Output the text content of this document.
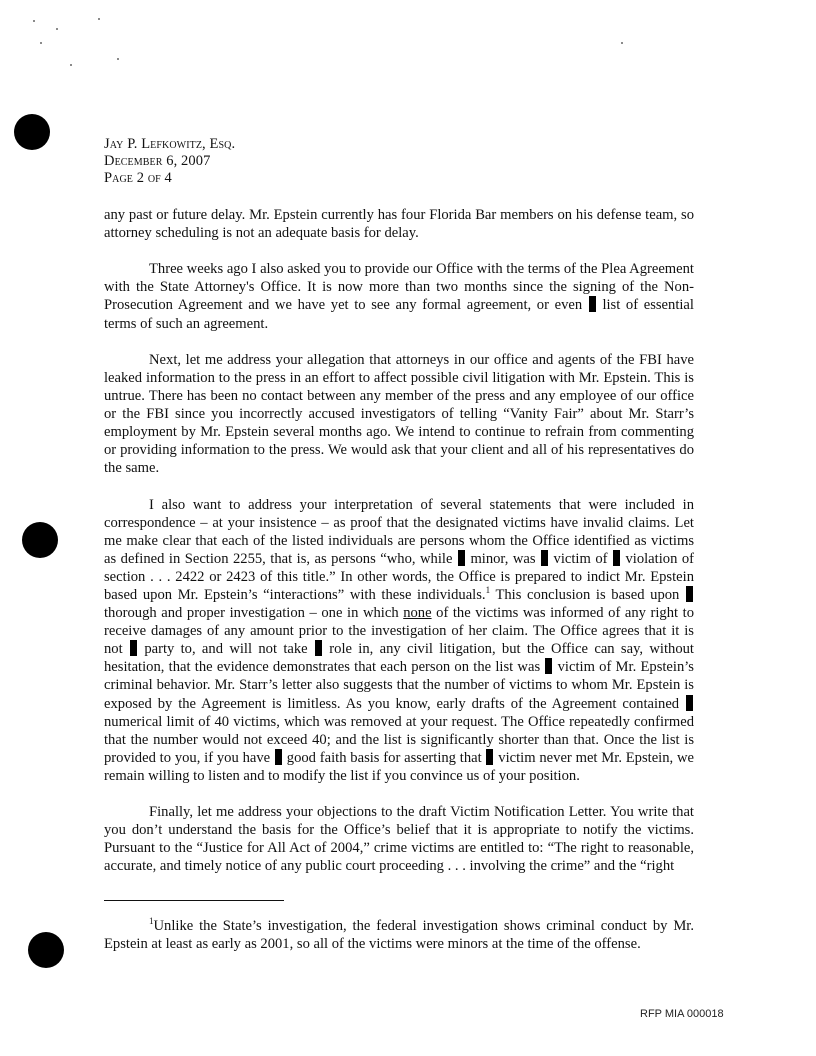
Jay P. Lefkowitz, Esq.
December 6, 2007
Page 2 of 4

any past or future delay. Mr. Epstein currently has four Florida Bar members on his defense team, so attorney scheduling is not an adequate basis for delay.

Three weeks ago I also asked you to provide our Office with the terms of the Plea Agreement with the State Attorney's Office. It is now more than two months since the signing of the Non-Prosecution Agreement and we have yet to see any formal agreement, or even list of essential terms of such an agreement.

Next, let me address your allegation that attorneys in our office and agents of the FBI have leaked information to the press in an effort to affect possible civil litigation with Mr. Epstein. This is untrue. There has been no contact between any member of the press and any employee of our office or the FBI since you incorrectly accused investigators of telling “Vanity Fair” about Mr. Starr’s employment by Mr. Epstein several months ago. We intend to continue to refrain from commenting or providing information to the press. We would ask that your client and all of his representatives do the same.

I also want to address your interpretation of several statements that were included in correspondence – at your insistence – as proof that the designated victims have invalid claims. Let me make clear that each of the listed individuals are persons whom the Office identified as victims as defined in Section 2255, that is, as persons “who, while minor, was victim of violation of section . . . 2422 or 2423 of this title.” In other words, the Office is prepared to indict Mr. Epstein based upon Mr. Epstein’s “interactions” with these individuals.$^1$ This conclusion is based upon  thorough and proper investigation – one in which none of the victims was informed of any right to receive damages of any amount prior to the investigation of her claim. The Office agrees that it is not party to, and will not take role in, any civil litigation, but the Office can say, without hesitation, that the evidence demonstrates that each person on the list was victim of Mr. Epstein’s criminal behavior. Mr. Starr’s letter also suggests that the number of victims to whom Mr. Epstein is exposed by the Agreement is limitless. As you know, early drafts of the Agreement contained  numerical limit of 40 victims, which was removed at your request. The Office repeatedly confirmed that the number would not exceed 40; and the list is significantly shorter than that. Once the list is provided to you, if you have good faith basis for asserting that victim never met Mr. Epstein, we remain willing to listen and to modify the list if you convince us of your position.

Finally, let me address your objections to the draft Victim Notification Letter. You write that you don’t understand the basis for the Office’s belief that it is appropriate to notify the victims. Pursuant to the “Justice for All Act of 2004,” crime victims are entitled to: “The right to reasonable, accurate, and timely notice of any public court proceeding . . . involving the crime” and the “right

$^1$Unlike the State’s investigation, the federal investigation shows criminal conduct by Mr. Epstein at least as early as 2001, so all of the victims were minors at the time of the offense.
RFP MIA 000018
